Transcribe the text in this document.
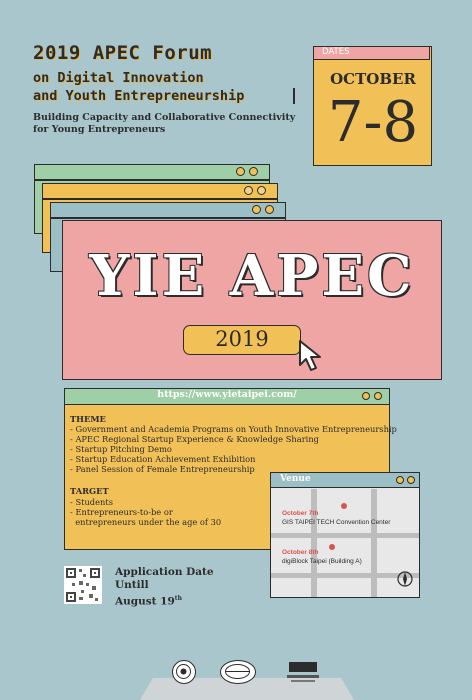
2019 APEC Forum
on Digital Innovation
and Youth Entrepreneurship
Building Capacity and Collaborative Connectivity
for Young Entrepreneurs
DATES
OCTOBER
7-8
YIE APEC
2019
https://www.yietaipei.com/
THEME
- Government and Academia Programs on Youth Innovative Entrepreneurship
- APEC Regional Startup Experience & Knowledge Sharing
- Startup Pitching Demo
- Startup Education Achievement Exhibition
- Panel Session of Female Entrepreneurship
TARGET
- Students
- Entrepreneurs-to-be or
entrepreneurs under the age of 30
Venue
October 7th
GIS TAIPEI TECH Convention Center
October 8th
digiBlock Taipei (Building A)
Application Date
Untill
August 19th
